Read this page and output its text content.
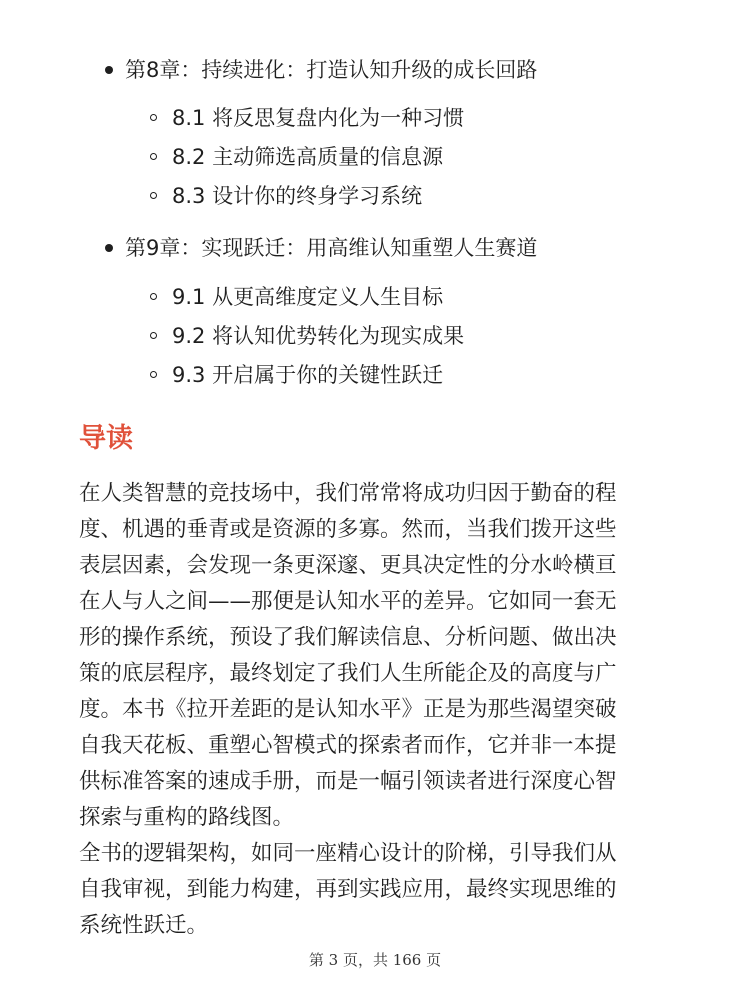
第8章：持续进化：打造认知升级的成长回路
8.1 将反思复盘内化为一种习惯
8.2 主动筛选高质量的信息源
8.3 设计你的终身学习系统
第9章：实现跃迁：用高维认知重塑人生赛道
9.1 从更高维度定义人生目标
9.2 将认知优势转化为现实成果
9.3 开启属于你的关键性跃迁
导读
在人类智慧的竞技场中，我们常常将成功归因于勤奋的程
度、机遇的垂青或是资源的多寡。然而，当我们拨开这些
表层因素，会发现一条更深邃、更具决定性的分水岭横亘
在人与人之间——那便是认知水平的差异。它如同一套无
形的操作系统，预设了我们解读信息、分析问题、做出决
策的底层程序，最终划定了我们人生所能企及的高度与广
度。本书《拉开差距的是认知水平》正是为那些渴望突破
自我天花板、重塑心智模式的探索者而作，它并非一本提
供标准答案的速成手册，而是一幅引领读者进行深度心智
探索与重构的路线图。
全书的逻辑架构，如同一座精心设计的阶梯，引导我们从
自我审视，到能力构建，再到实践应用，最终实现思维的
系统性跃迁。
第 3 页，共 166 页
